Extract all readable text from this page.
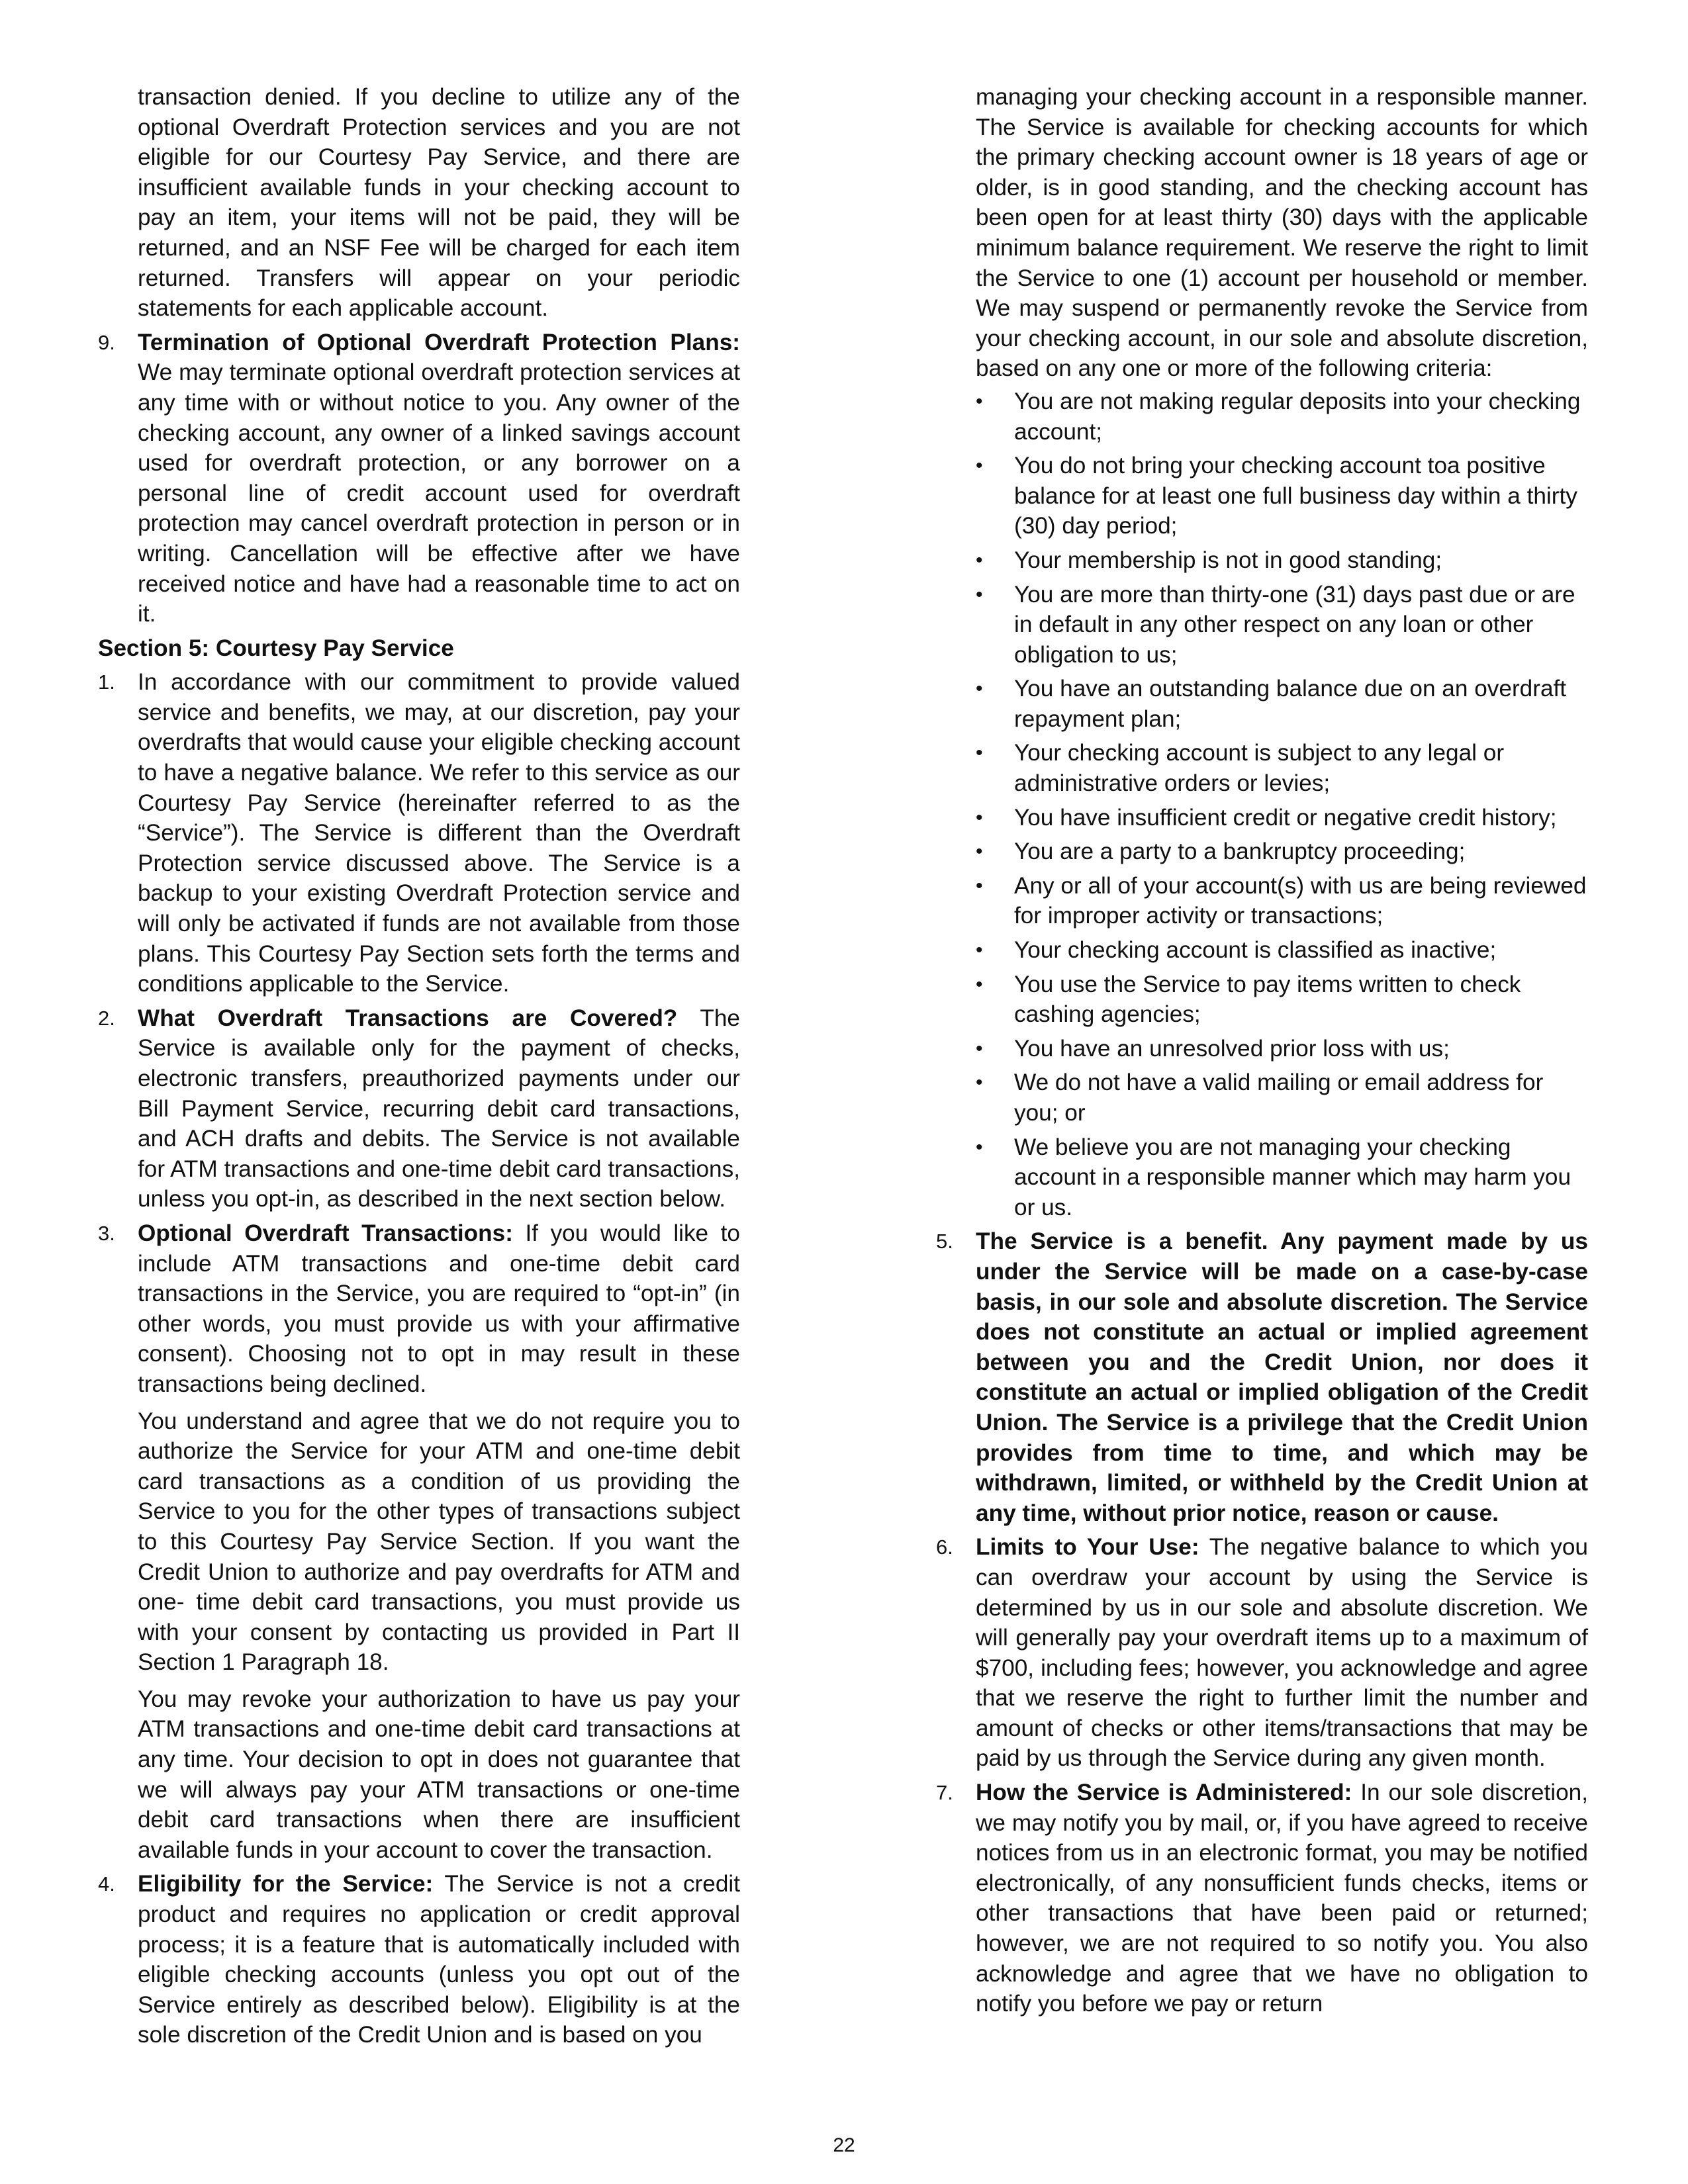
transaction denied. If you decline to utilize any of the optional Overdraft Protection services and you are not eligible for our Courtesy Pay Service, and there are insufficient available funds in your checking account to pay an item, your items will not be paid, they will be returned, and an NSF Fee will be charged for each item returned. Transfers will appear on your periodic statements for each applicable account.

9. Termination of Optional Overdraft Protection Plans: We may terminate optional overdraft protection services at any time with or without notice to you. Any owner of the checking account, any owner of a linked savings account used for overdraft protection, or any borrower on a personal line of credit account used for overdraft protection may cancel overdraft protection in person or in writing. Cancellation will be effective after we have received notice and have had a reasonable time to act on it.

Section 5: Courtesy Pay Service
1. In accordance with our commitment to provide valued service and benefits, we may, at our discretion, pay your overdrafts that would cause your eligible checking account to have a negative balance. We refer to this service as our Courtesy Pay Service (hereinafter referred to as the “Service”). The Service is different than the Overdraft Protection service discussed above. The Service is a backup to your existing Overdraft Protection service and will only be activated if funds are not available from those plans. This Courtesy Pay Section sets forth the terms and conditions applicable to the Service.

2. What Overdraft Transactions are Covered? The Service is available only for the payment of checks, electronic transfers, preauthorized payments under our Bill Payment Service, recurring debit card transactions, and ACH drafts and debits. The Service is not available for ATM transactions and one-time debit card transactions, unless you opt-in, as described in the next section below.

3. Optional Overdraft Transactions: If you would like to include ATM transactions and one-time debit card transactions in the Service, you are required to “opt-in” (in other words, you must provide us with your affirmative consent). Choosing not to opt in may result in these transactions being declined.

You understand and agree that we do not require you to authorize the Service for your ATM and one-time debit card transactions as a condition of us providing the Service to you for the other types of transactions subject to this Courtesy Pay Service Section. If you want the Credit Union to authorize and pay overdrafts for ATM and one- time debit card transactions, you must provide us with your consent by contacting us provided in Part II Section 1 Paragraph 18.

You may revoke your authorization to have us pay your ATM transactions and one-time debit card transactions at any time. Your decision to opt in does not guarantee that we will always pay your ATM transactions or one-time debit card transactions when there are insufficient available funds in your account to cover the transaction.

4. Eligibility for the Service: The Service is not a credit product and requires no application or credit approval process; it is a feature that is automatically included with eligible checking accounts (unless you opt out of the Service entirely as described below). Eligibility is at the sole discretion of the Credit Union and is based on you

managing your checking account in a responsible manner. The Service is available for checking accounts for which the primary checking account owner is 18 years of age or older, is in good standing, and the checking account has been open for at least thirty (30) days with the applicable minimum balance requirement. We reserve the right to limit the Service to one (1) account per household or member. We may suspend or permanently revoke the Service from your checking account, in our sole and absolute discretion, based on any one or more of the following criteria:

• You are not making regular deposits into your checking account;
• You do not bring your checking account toa positive balance for at least one full business day within a thirty (30) day period;
• Your membership is not in good standing;
• You are more than thirty-one (31) days past due or are in default in any other respect on any loan or other obligation to us;
• You have an outstanding balance due on an overdraft repayment plan;
• Your checking account is subject to any legal or administrative orders or levies;
• You have insufficient credit or negative credit history;
• You are a party to a bankruptcy proceeding;
• Any or all of your account(s) with us are being reviewed for improper activity or transactions;
• Your checking account is classified as inactive;
• You use the Service to pay items written to check cashing agencies;
• You have an unresolved prior loss with us;
• We do not have a valid mailing or email address for you; or
• We believe you are not managing your checking account in a responsible manner which may harm you or us.
5. The Service is a benefit. Any payment made by us under the Service will be made on a case-by-case basis, in our sole and absolute discretion. The Service does not constitute an actual or implied agreement between you and the Credit Union, nor does it constitute an actual or implied obligation of the Credit Union. The Service is a privilege that the Credit Union provides from time to time, and which may be withdrawn, limited, or withheld by the Credit Union at any time, without prior notice, reason or cause.

6. Limits to Your Use: The negative balance to which you can overdraw your account by using the Service is determined by us in our sole and absolute discretion. We will generally pay your overdraft items up to a maximum of $700, including fees; however, you acknowledge and agree that we reserve the right to further limit the number and amount of checks or other items/transactions that may be paid by us through the Service during any given month.

7. How the Service is Administered: In our sole discretion, we may notify you by mail, or, if you have agreed to receive notices from us in an electronic format, you may be notified electronically, of any nonsufficient funds checks, items or other transactions that have been paid or returned; however, we are not required to so notify you. You also acknowledge and agree that we have no obligation to notify you before we pay or return

22
